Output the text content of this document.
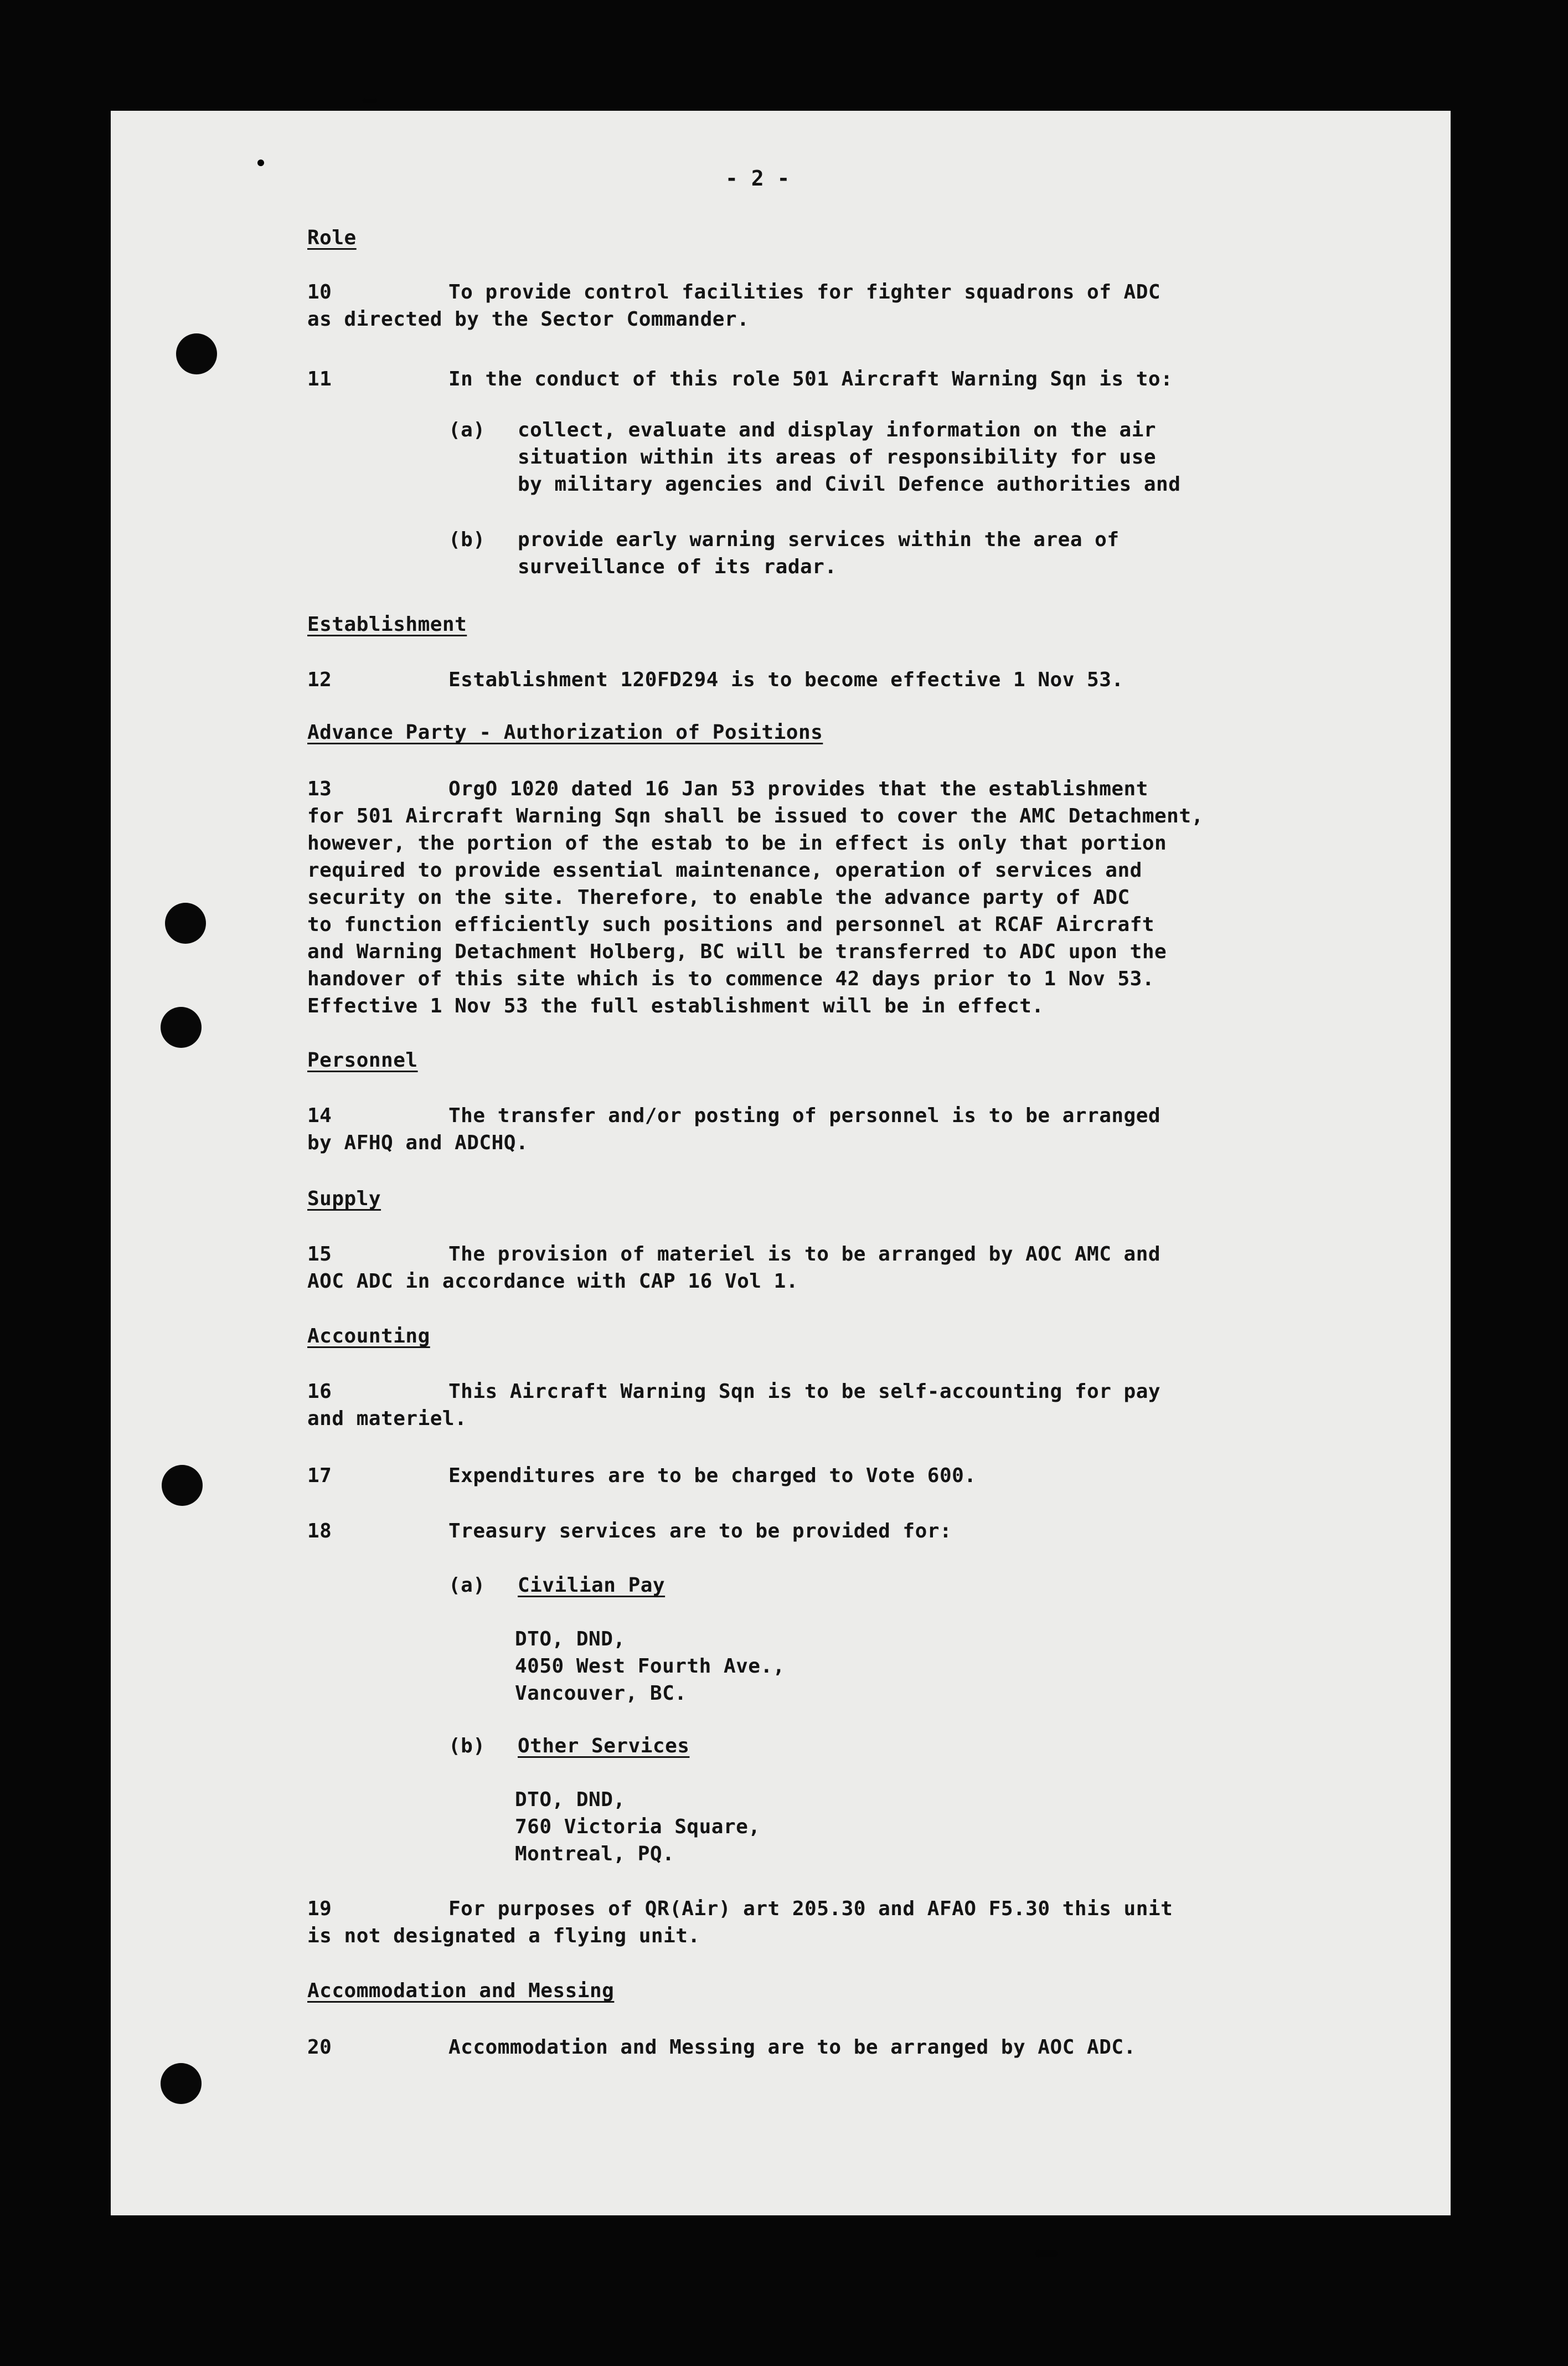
- 2 -
Role
10	To provide control facilities for fighter squadrons of ADC
as directed by the Sector Commander.
11	In the conduct of this role 501 Aircraft Warning Sqn is to:
(a) collect, evaluate and display information on the air
situation within its areas of responsibility for use
by military agencies and Civil Defence authorities and
(b) provide early warning services within the area of
surveillance of its radar.
Establishment
12	Establishment 120FD294 is to become effective 1 Nov 53.
Advance Party - Authorization of Positions
13	OrgO 1020 dated 16 Jan 53 provides that the establishment
for 501 Aircraft Warning Sqn shall be issued to cover the AMC Detachment,
however, the portion of the estab to be in effect is only that portion
required to provide essential maintenance, operation of services and
security on the site. Therefore, to enable the advance party of ADC
to function efficiently such positions and personnel at RCAF Aircraft
and Warning Detachment Holberg, BC will be transferred to ADC upon the
handover of this site which is to commence 42 days prior to 1 Nov 53.
Effective 1 Nov 53 the full establishment will be in effect.
Personnel
14	The transfer and/or posting of personnel is to be arranged
by AFHQ and ADCHQ.
Supply
15	The provision of materiel is to be arranged by AOC AMC and
AOC ADC in accordance with CAP 16 Vol 1.
Accounting
16	This Aircraft Warning Sqn is to be self-accounting for pay
and materiel.
17	Expenditures are to be charged to Vote 600.
18	Treasury services are to be provided for:
(a) Civilian Pay
DTO, DND,
4050 West Fourth Ave.,
Vancouver, BC.
(b) Other Services
DTO, DND,
760 Victoria Square,
Montreal, PQ.
19	For purposes of QR(Air) art 205.30 and AFAO F5.30 this unit
is not designated a flying unit.
Accommodation and Messing
20	Accommodation and Messing are to be arranged by AOC ADC.
